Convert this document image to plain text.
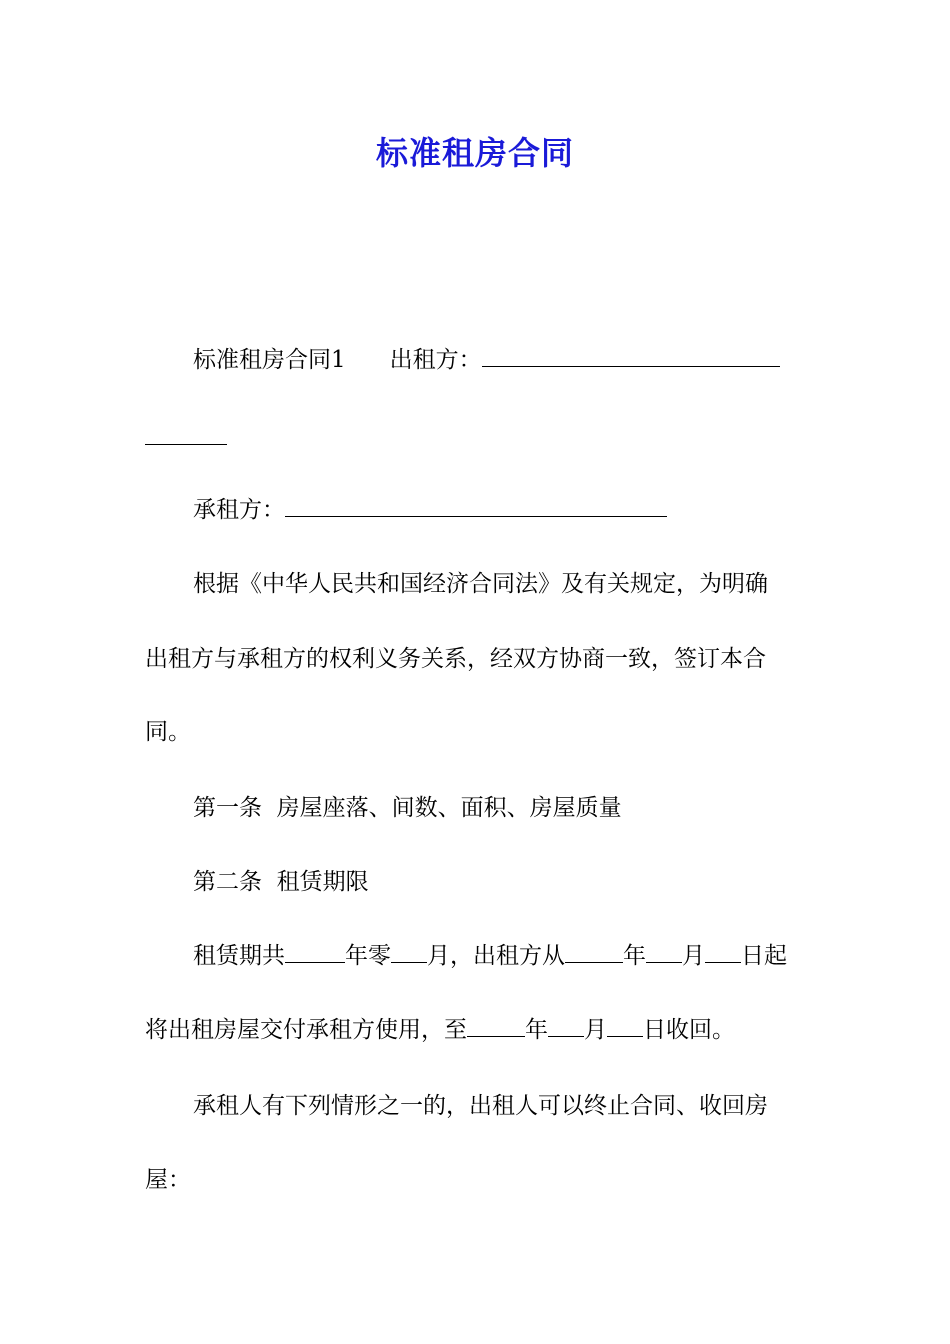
标准租房合同
标准租房合同1 出租方：
承租方：
根据《中华人民共和国经济合同法》及有关规定，为明确
出租方与承租方的权利义务关系，经双方协商一致，签订本合
同。
第一条  房屋座落、间数、面积、房屋质量
第二条  租赁期限
租赁期共	年零 月，出租方从	年 月 日起
将出租房屋交付承租方使用，至	年 月 日收回。
承租人有下列情形之一的，出租人可以终止合同、收回房
屋：
